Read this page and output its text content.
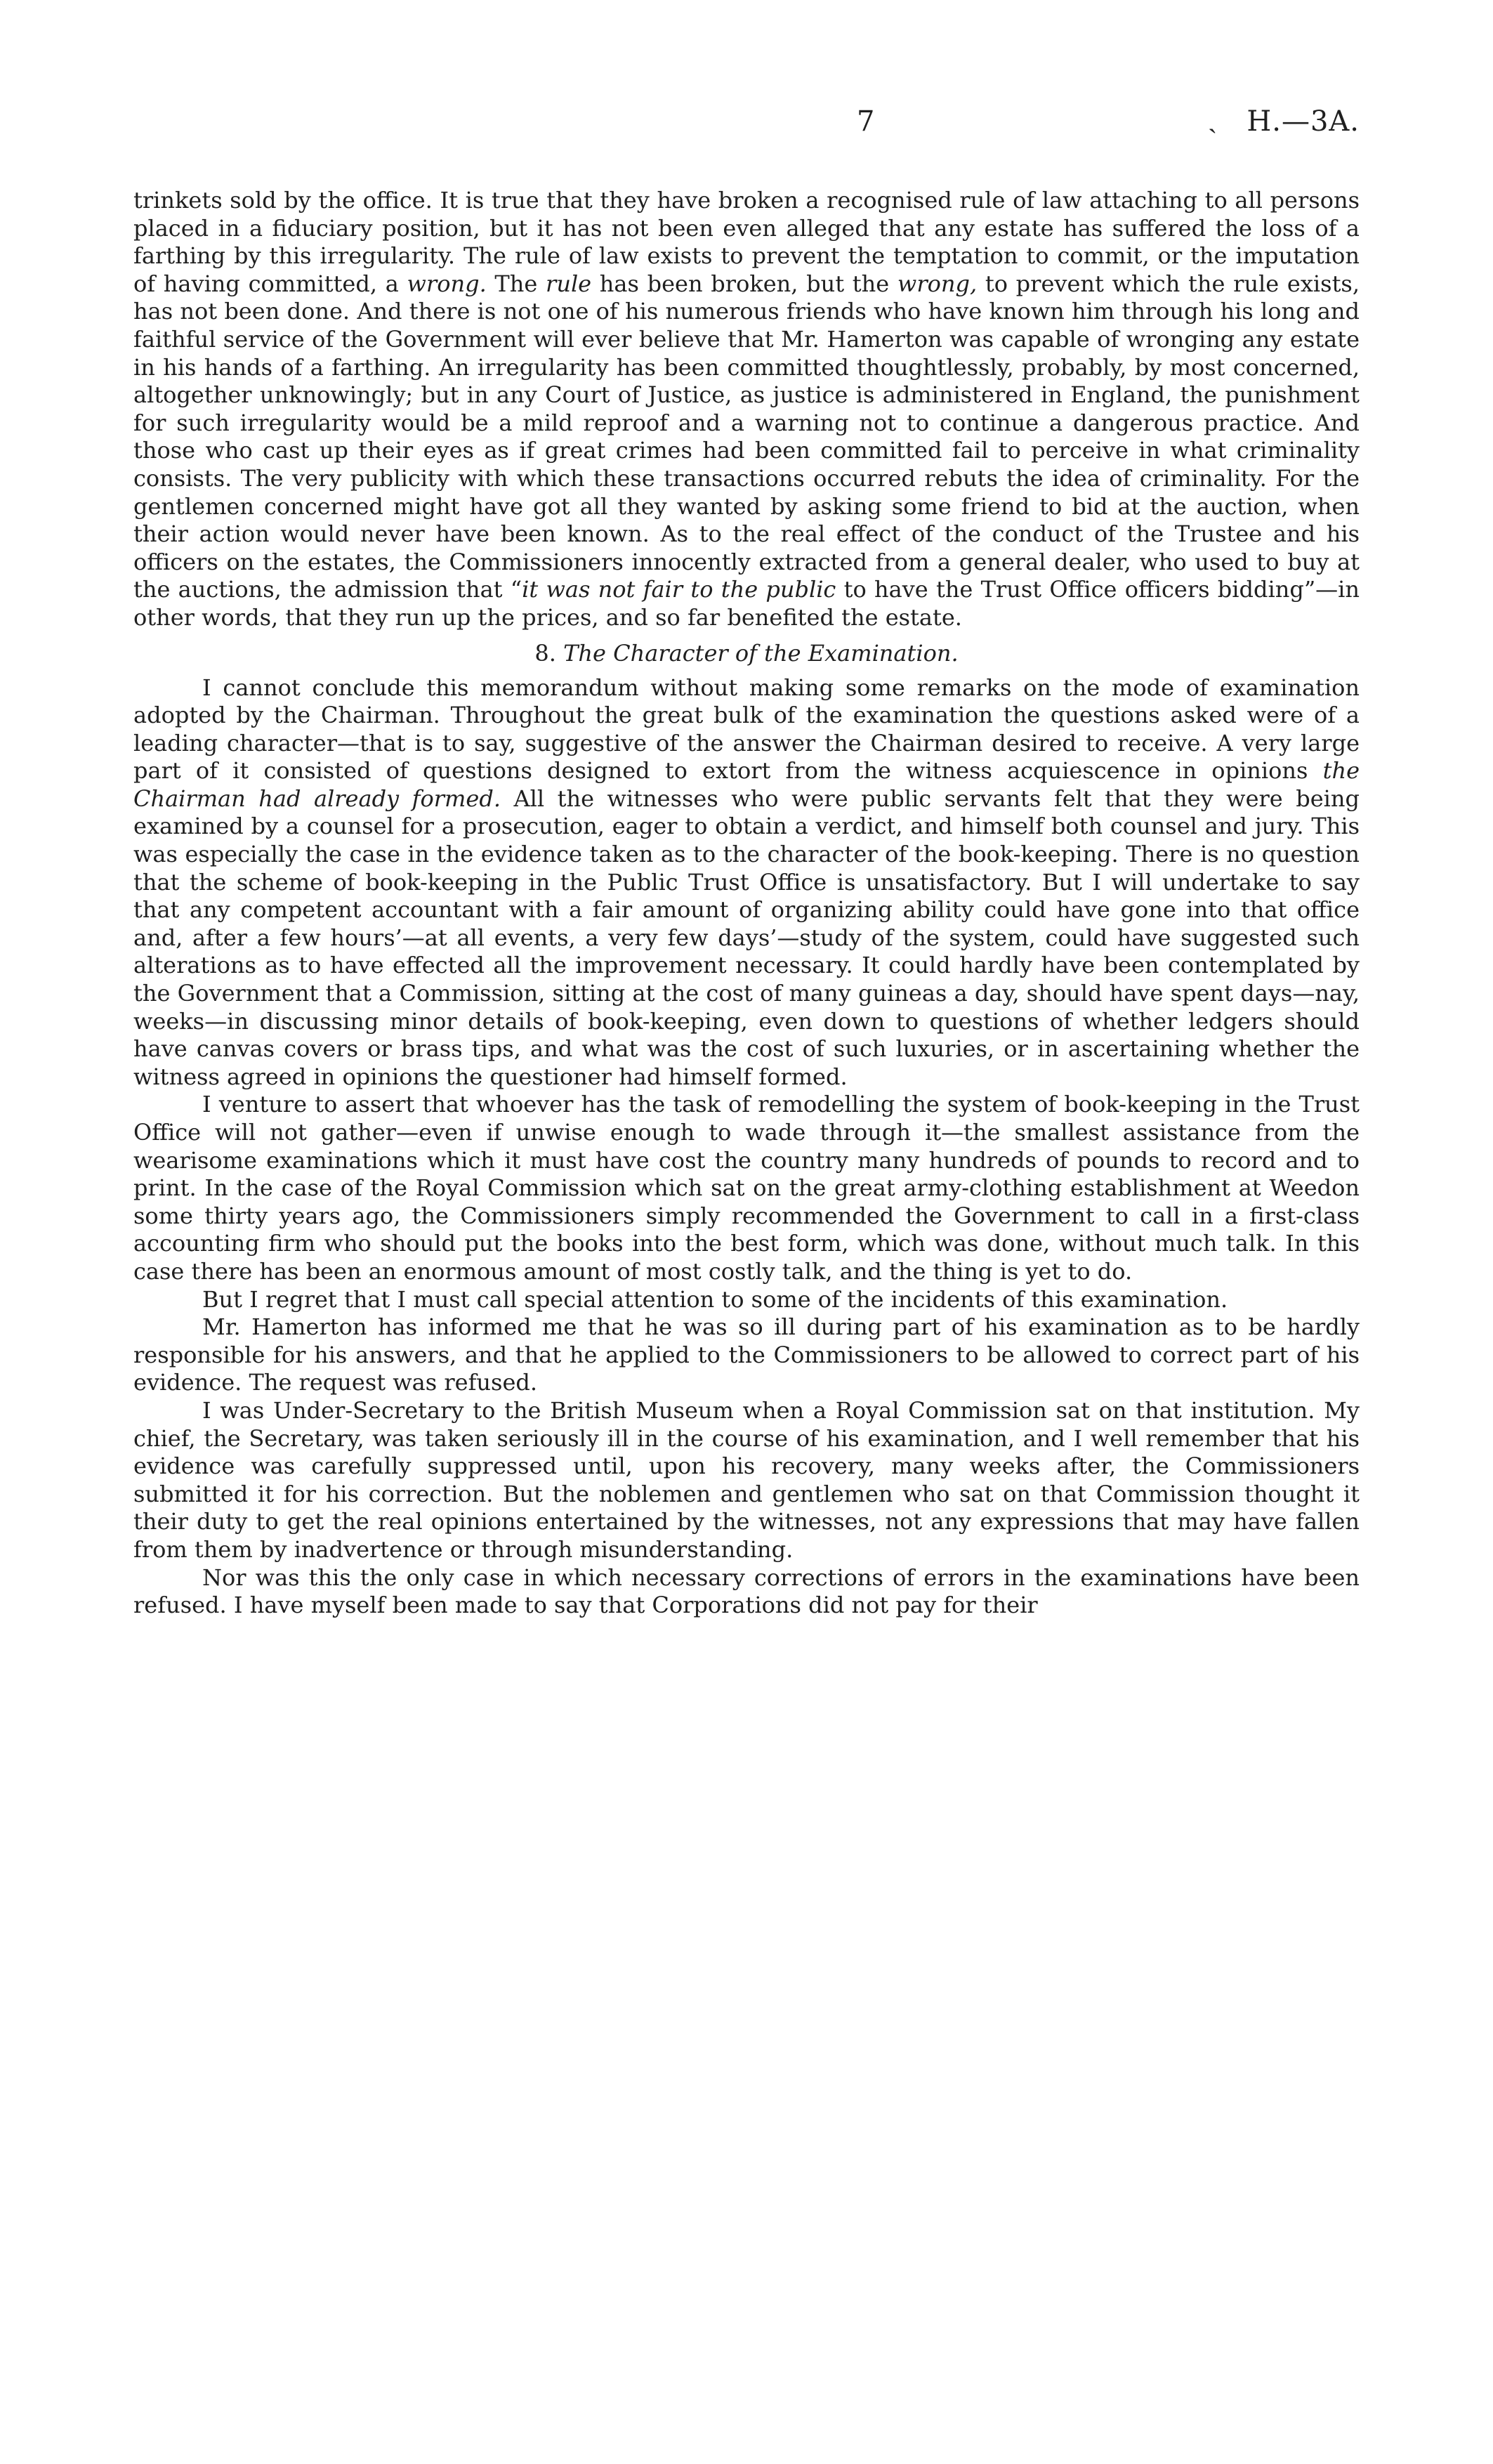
7	ˎ H.—3A.

trinkets sold by the office. It is true that they have broken a recognised rule of law attaching to all persons placed in a fiduciary position, but it has not been even alleged that any estate has suffered the loss of a farthing by this irregularity. The rule of law exists to prevent the temptation to commit, or the imputation of having committed, a wrong. The rule has been broken, but the wrong, to prevent which the rule exists, has not been done. And there is not one of his numerous friends who have known him through his long and faithful service of the Government will ever believe that Mr. Hamerton was capable of wronging any estate in his hands of a farthing. An irregularity has been committed thoughtlessly, probably, by most concerned, altogether unknowingly; but in any Court of Justice, as justice is administered in England, the punishment for such irregularity would be a mild reproof and a warning not to continue a dangerous practice. And those who cast up their eyes as if great crimes had been committed fail to perceive in what criminality consists. The very publicity with which these transactions occurred rebuts the idea of criminality. For the gentlemen concerned might have got all they wanted by asking some friend to bid at the auction, when their action would never have been known. As to the real effect of the conduct of the Trustee and his officers on the estates, the Commissioners innocently extracted from a general dealer, who used to buy at the auctions, the admission that “it was not fair to the public to have the Trust Office officers bidding”—in other words, that they run up the prices, and so far benefited the estate.

8. The Character of the Examination.

I cannot conclude this memorandum without making some remarks on the mode of examination adopted by the Chairman. Throughout the great bulk of the examination the questions asked were of a leading character—that is to say, suggestive of the answer the Chairman desired to receive. A very large part of it consisted of questions designed to extort from the witness acquiescence in opinions the Chairman had already formed. All the witnesses who were public servants felt that they were being examined by a counsel for a prosecution, eager to obtain a verdict, and himself both counsel and jury. This was especially the case in the evidence taken as to the character of the book-keeping. There is no question that the scheme of book-keeping in the Public Trust Office is unsatisfactory. But I will undertake to say that any competent accountant with a fair amount of organizing ability could have gone into that office and, after a few hours’—at all events, a very few days’—study of the system, could have suggested such alterations as to have effected all the improvement necessary. It could hardly have been contemplated by the Government that a Commission, sitting at the cost of many guineas a day, should have spent days—nay, weeks—in discussing minor details of book-keeping, even down to questions of whether ledgers should have canvas covers or brass tips, and what was the cost of such luxuries, or in ascertaining whether the witness agreed in opinions the questioner had himself formed.

I venture to assert that whoever has the task of remodelling the system of book-keeping in the Trust Office will not gather—even if unwise enough to wade through it—the smallest assistance from the wearisome examinations which it must have cost the country many hundreds of pounds to record and to print. In the case of the Royal Commission which sat on the great army-clothing establishment at Weedon some thirty years ago, the Commissioners simply recommended the Government to call in a first-class accounting firm who should put the books into the best form, which was done, without much talk. In this case there has been an enormous amount of most costly talk, and the thing is yet to do.

But I regret that I must call special attention to some of the incidents of this examination.

Mr. Hamerton has informed me that he was so ill during part of his examination as to be hardly responsible for his answers, and that he applied to the Commissioners to be allowed to correct part of his evidence. The request was refused.

I was Under-Secretary to the British Museum when a Royal Commission sat on that institution. My chief, the Secretary, was taken seriously ill in the course of his examination, and I well remember that his evidence was carefully suppressed until, upon his recovery, many weeks after, the Commissioners submitted it for his correction. But the noblemen and gentlemen who sat on that Commission thought it their duty to get the real opinions entertained by the witnesses, not any expressions that may have fallen from them by inadvertence or through misunderstanding.

Nor was this the only case in which necessary corrections of errors in the examinations have been refused. I have myself been made to say that Corporations did not pay for their
